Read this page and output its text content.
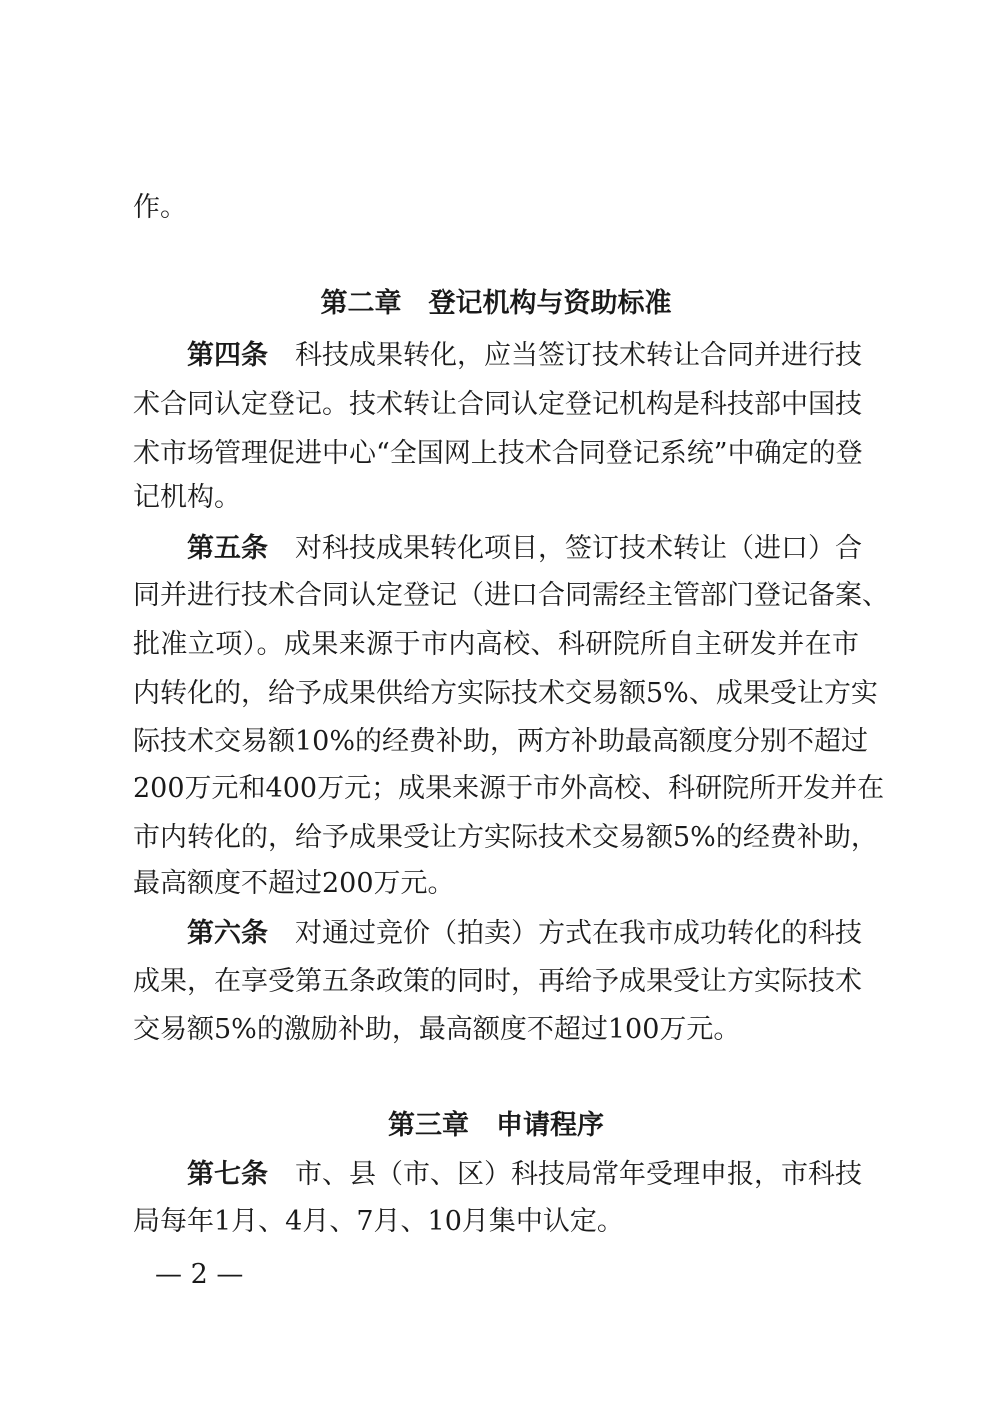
作。
第二章　登记机构与资助标准
第四条 科技成果转化，应当签订技术转让合同并进行技
术合同认定登记。技术转让合同认定登记机构是科技部中国技
术市场管理促进中心“全国网上技术合同登记系统”中确定的登
记机构。
第五条 对科技成果转化项目，签订技术转让（进口）合
同并进行技术合同认定登记（进口合同需经主管部门登记备案、
批准立项）。成果来源于市内高校、科研院所自主研发并在市
内转化的，给予成果供给方实际技术交易额5%、成果受让方实
际技术交易额10%的经费补助，两方补助最高额度分别不超过
200万元和400万元；成果来源于市外高校、科研院所开发并在
市内转化的，给予成果受让方实际技术交易额5%的经费补助，
最高额度不超过200万元。
第六条 对通过竞价（拍卖）方式在我市成功转化的科技
成果，在享受第五条政策的同时，再给予成果受让方实际技术
交易额5%的激励补助，最高额度不超过100万元。
第三章　申请程序
第七条 市、县（市、区）科技局常年受理申报，市科技
局每年1月、4月、7月、10月集中认定。
— 2 —
